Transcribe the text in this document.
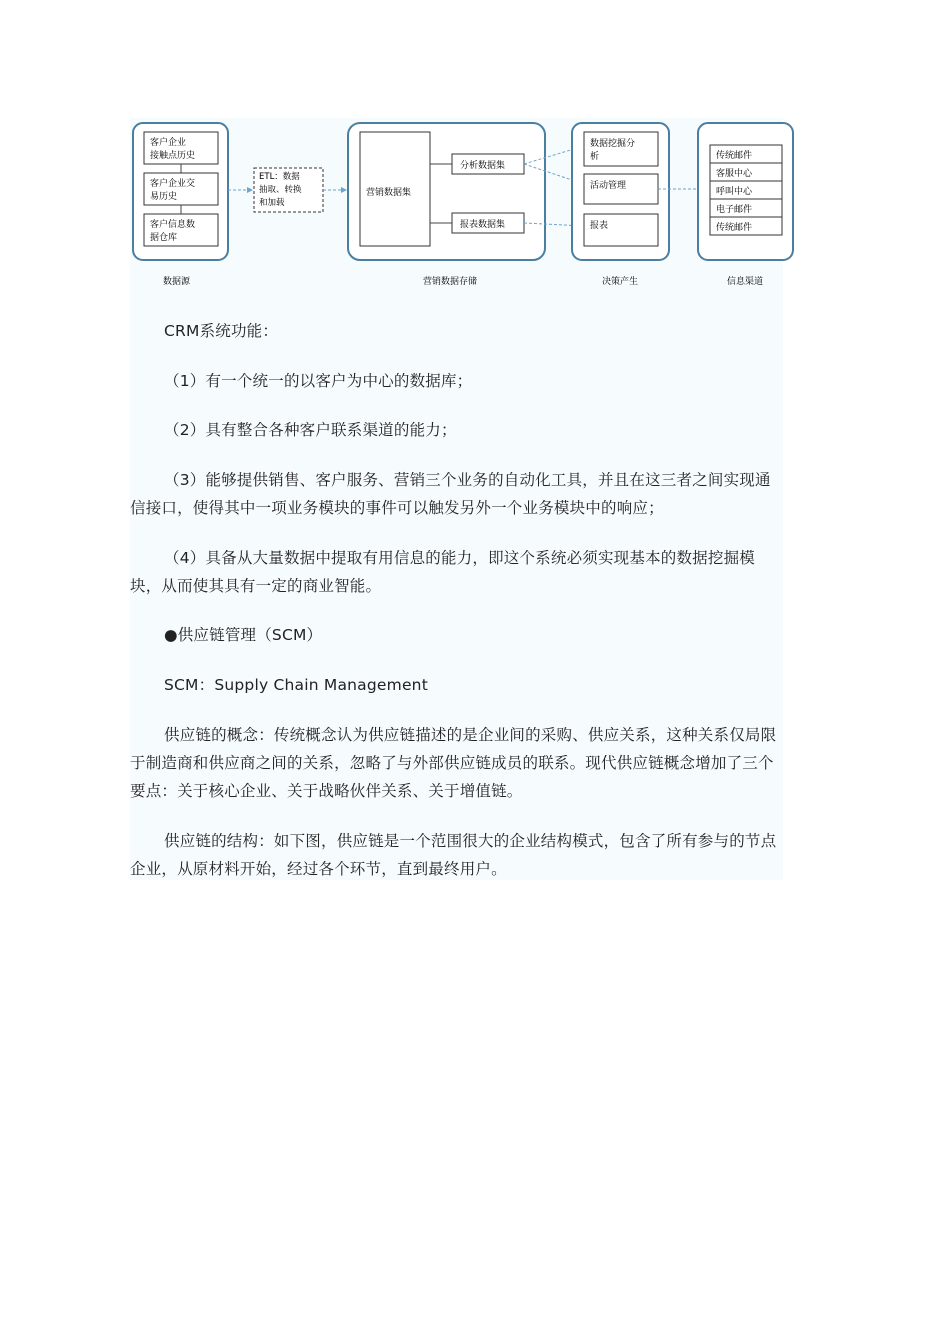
客户企业
接触点历史
客户企业交
易历史
客户信息数
据仓库
数据源
ETL：数据
抽取、转换
和加载
营销数据集
分析数据集
报表数据集
营销数据存储
数据挖掘分
析
活动管理
报表
决策产生
传统邮件
客服中心
呼叫中心
电子邮件
传统邮件
信息渠道

CRM系统功能：

（1）有一个统一的以客户为中心的数据库；

（2）具有整合各种客户联系渠道的能力；

（3）能够提供销售、客户服务、营销三个业务的自动化工具，并且在这三者之间实现通信接口，使得其中一项业务模块的事件可以触发另外一个业务模块中的响应；

（4）具备从大量数据中提取有用信息的能力，即这个系统必须实现基本的数据挖掘模块，从而使其具有一定的商业智能。

●供应链管理（SCM）

SCM：Supply Chain Management

供应链的概念：传统概念认为供应链描述的是企业间的采购、供应关系，这种关系仅局限于制造商和供应商之间的关系，忽略了与外部供应链成员的联系。现代供应链概念增加了三个要点：关于核心企业、关于战略伙伴关系、关于增值链。

供应链的结构：如下图，供应链是一个范围很大的企业结构模式，包含了所有参与的节点企业，从原材料开始，经过各个环节，直到最终用户。
